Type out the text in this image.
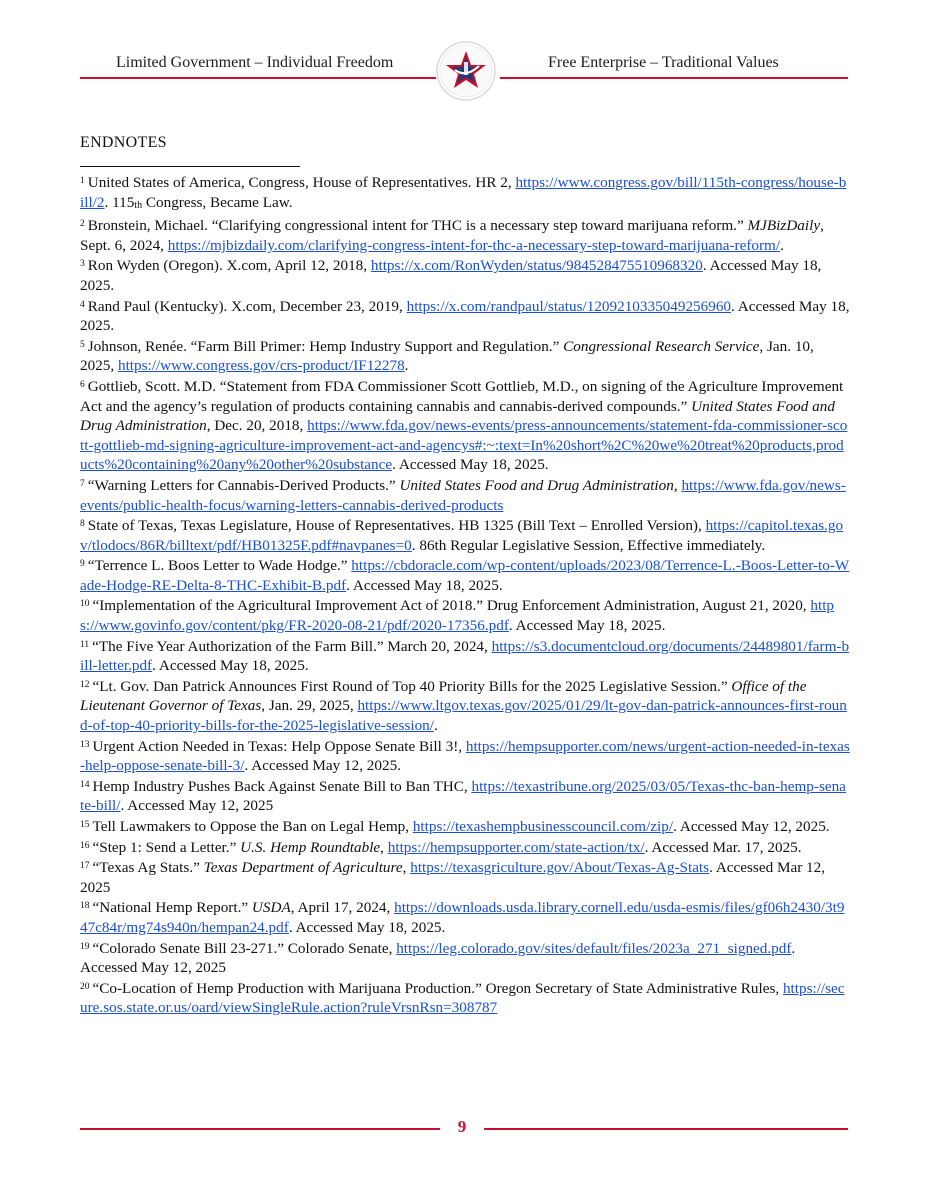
Limited Government – Individual Freedom	Free Enterprise – Traditional Values
ENDNOTES

$^1$ United States of America, Congress, House of Representatives. HR 2, https://www.congress.gov/bill/115th-congress/house-bill/2. 115th Congress, Became Law.

$^2$ Bronstein, Michael. “Clarifying congressional intent for THC is a necessary step toward marijuana reform.” MJBizDaily, Sept. 6, 2024, https://mjbizdaily.com/clarifying-congress-intent-for-thc-a-necessary-step-toward-marijuana-reform/.

$^3$ Ron Wyden (Oregon). X.com, April 12, 2018, https://x.com/RonWyden/status/984528475510968320. Accessed May 18, 2025.

$^4$ Rand Paul (Kentucky). X.com, December 23, 2019, https://x.com/randpaul/status/1209210335049256960. Accessed May 18, 2025.

$^5$ Johnson, Renée. “Farm Bill Primer: Hemp Industry Support and Regulation.” Congressional Research Service, Jan. 10, 2025, https://www.congress.gov/crs-product/IF12278.

$^6$ Gottlieb, Scott. M.D. “Statement from FDA Commissioner Scott Gottlieb, M.D., on signing of the Agriculture Improvement Act and the agency’s regulation of products containing cannabis and cannabis-derived compounds.” United States Food and Drug Administration, Dec. 20, 2018, https://www.fda.gov/news-events/press-announcements/statement-fda-commissioner-scott-gottlieb-md-signing-agriculture-improvement-act-and-agencys#:~:text=In%20short%2C%20we%20treat%20products,products%20containing%20any%20other%20substance. Accessed May 18, 2025.

$^7$ “Warning Letters for Cannabis-Derived Products.” United States Food and Drug Administration, https://www.fda.gov/news-events/public-health-focus/warning-letters-cannabis-derived-products

$^8$ State of Texas, Texas Legislature, House of Representatives. HB 1325 (Bill Text – Enrolled Version), https://capitol.texas.gov/tlodocs/86R/billtext/pdf/HB01325F.pdf#navpanes=0. 86th Regular Legislative Session, Effective immediately.

$^9$ “Terrence L. Boos Letter to Wade Hodge.” https://cbdoracle.com/wp-content/uploads/2023/08/Terrence-L.-Boos-Letter-to-Wade-Hodge-RE-Delta-8-THC-Exhibit-B.pdf. Accessed May 18, 2025.

$^{10}$ “Implementation of the Agricultural Improvement Act of 2018.” Drug Enforcement Administration, August 21, 2020, https://www.govinfo.gov/content/pkg/FR-2020-08-21/pdf/2020-17356.pdf. Accessed May 18, 2025.

$^{11}$ “The Five Year Authorization of the Farm Bill.” March 20, 2024, https://s3.documentcloud.org/documents/24489801/farm-bill-letter.pdf. Accessed May 18, 2025.

$^{12}$ “Lt. Gov. Dan Patrick Announces First Round of Top 40 Priority Bills for the 2025 Legislative Session.” Office of the Lieutenant Governor of Texas, Jan. 29, 2025, https://www.ltgov.texas.gov/2025/01/29/lt-gov-dan-patrick-announces-first-round-of-top-40-priority-bills-for-the-2025-legislative-session/.

$^{13}$ Urgent Action Needed in Texas: Help Oppose Senate Bill 3!, https://hempsupporter.com/news/urgent-action-needed-in-texas-help-oppose-senate-bill-3/. Accessed May 12, 2025.

$^{14}$ Hemp Industry Pushes Back Against Senate Bill to Ban THC, https://texastribune.org/2025/03/05/Texas-thc-ban-hemp-senate-bill/. Accessed May 12, 2025

$^{15}$ Tell Lawmakers to Oppose the Ban on Legal Hemp, https://texashempbusinesscouncil.com/zip/. Accessed May 12, 2025.

$^{16}$ “Step 1: Send a Letter.” U.S. Hemp Roundtable, https://hempsupporter.com/state-action/tx/. Accessed Mar. 17, 2025.

$^{17}$ “Texas Ag Stats.” Texas Department of Agriculture, https://texasgriculture.gov/About/Texas-Ag-Stats. Accessed Mar 12, 2025

$^{18}$ “National Hemp Report.” USDA, April 17, 2024, https://downloads.usda.library.cornell.edu/usda-esmis/files/gf06h2430/3t947c84r/mg74s940n/hempan24.pdf. Accessed May 18, 2025.

$^{19}$ “Colorado Senate Bill 23-271.” Colorado Senate, https://leg.colorado.gov/sites/default/files/2023a_271_signed.pdf. Accessed May 12, 2025

$^{20}$ “Co-Location of Hemp Production with Marijuana Production.” Oregon Secretary of State Administrative Rules, https://secure.sos.state.or.us/oard/viewSingleRule.action?ruleVrsnRsn=308787

9
